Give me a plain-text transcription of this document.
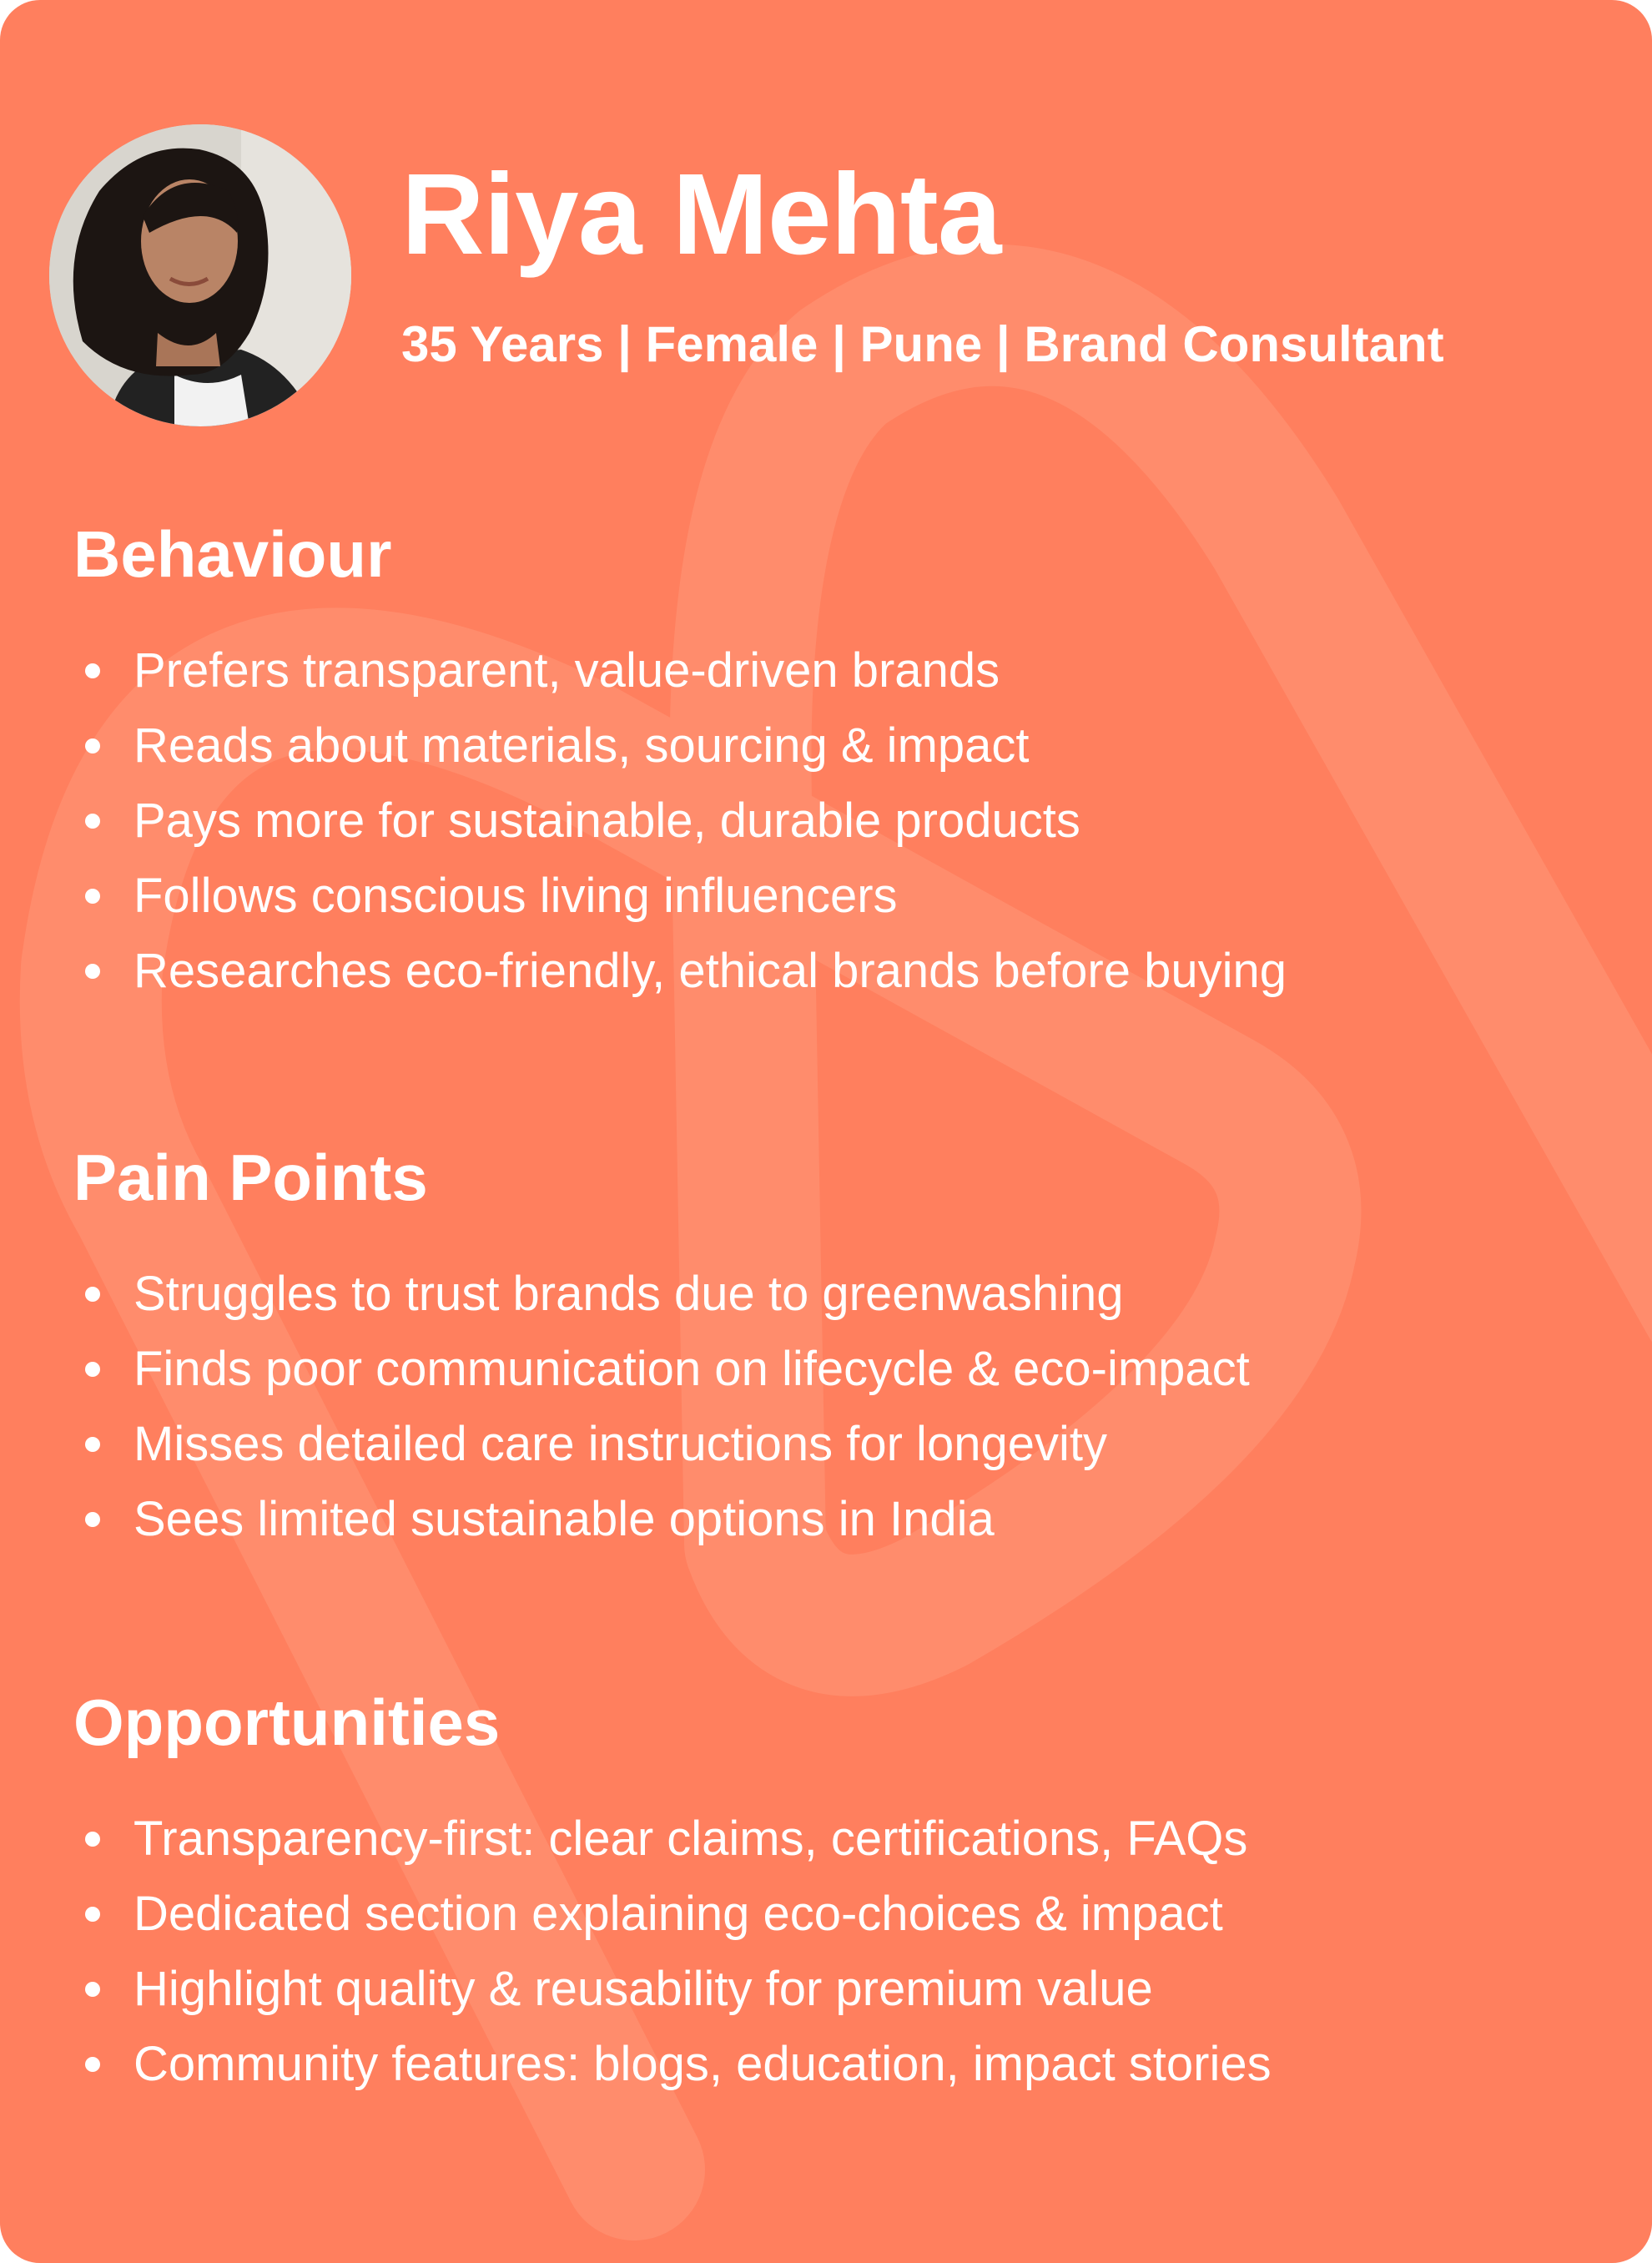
Riya Mehta
35 Years | Female | Pune | Brand Consultant
Behaviour
Prefers transparent, value-driven brands
Reads about materials, sourcing & impact
Pays more for sustainable, durable products
Follows conscious living influencers
Researches eco-friendly, ethical brands before buying
Pain Points
Struggles to trust brands due to greenwashing
Finds poor communication on lifecycle & eco-impact
Misses detailed care instructions for longevity
Sees limited sustainable options in India
Opportunities
Transparency-first: clear claims, certifications, FAQs
Dedicated section explaining eco-choices & impact
Highlight quality & reusability for premium value
Community features: blogs, education, impact stories
